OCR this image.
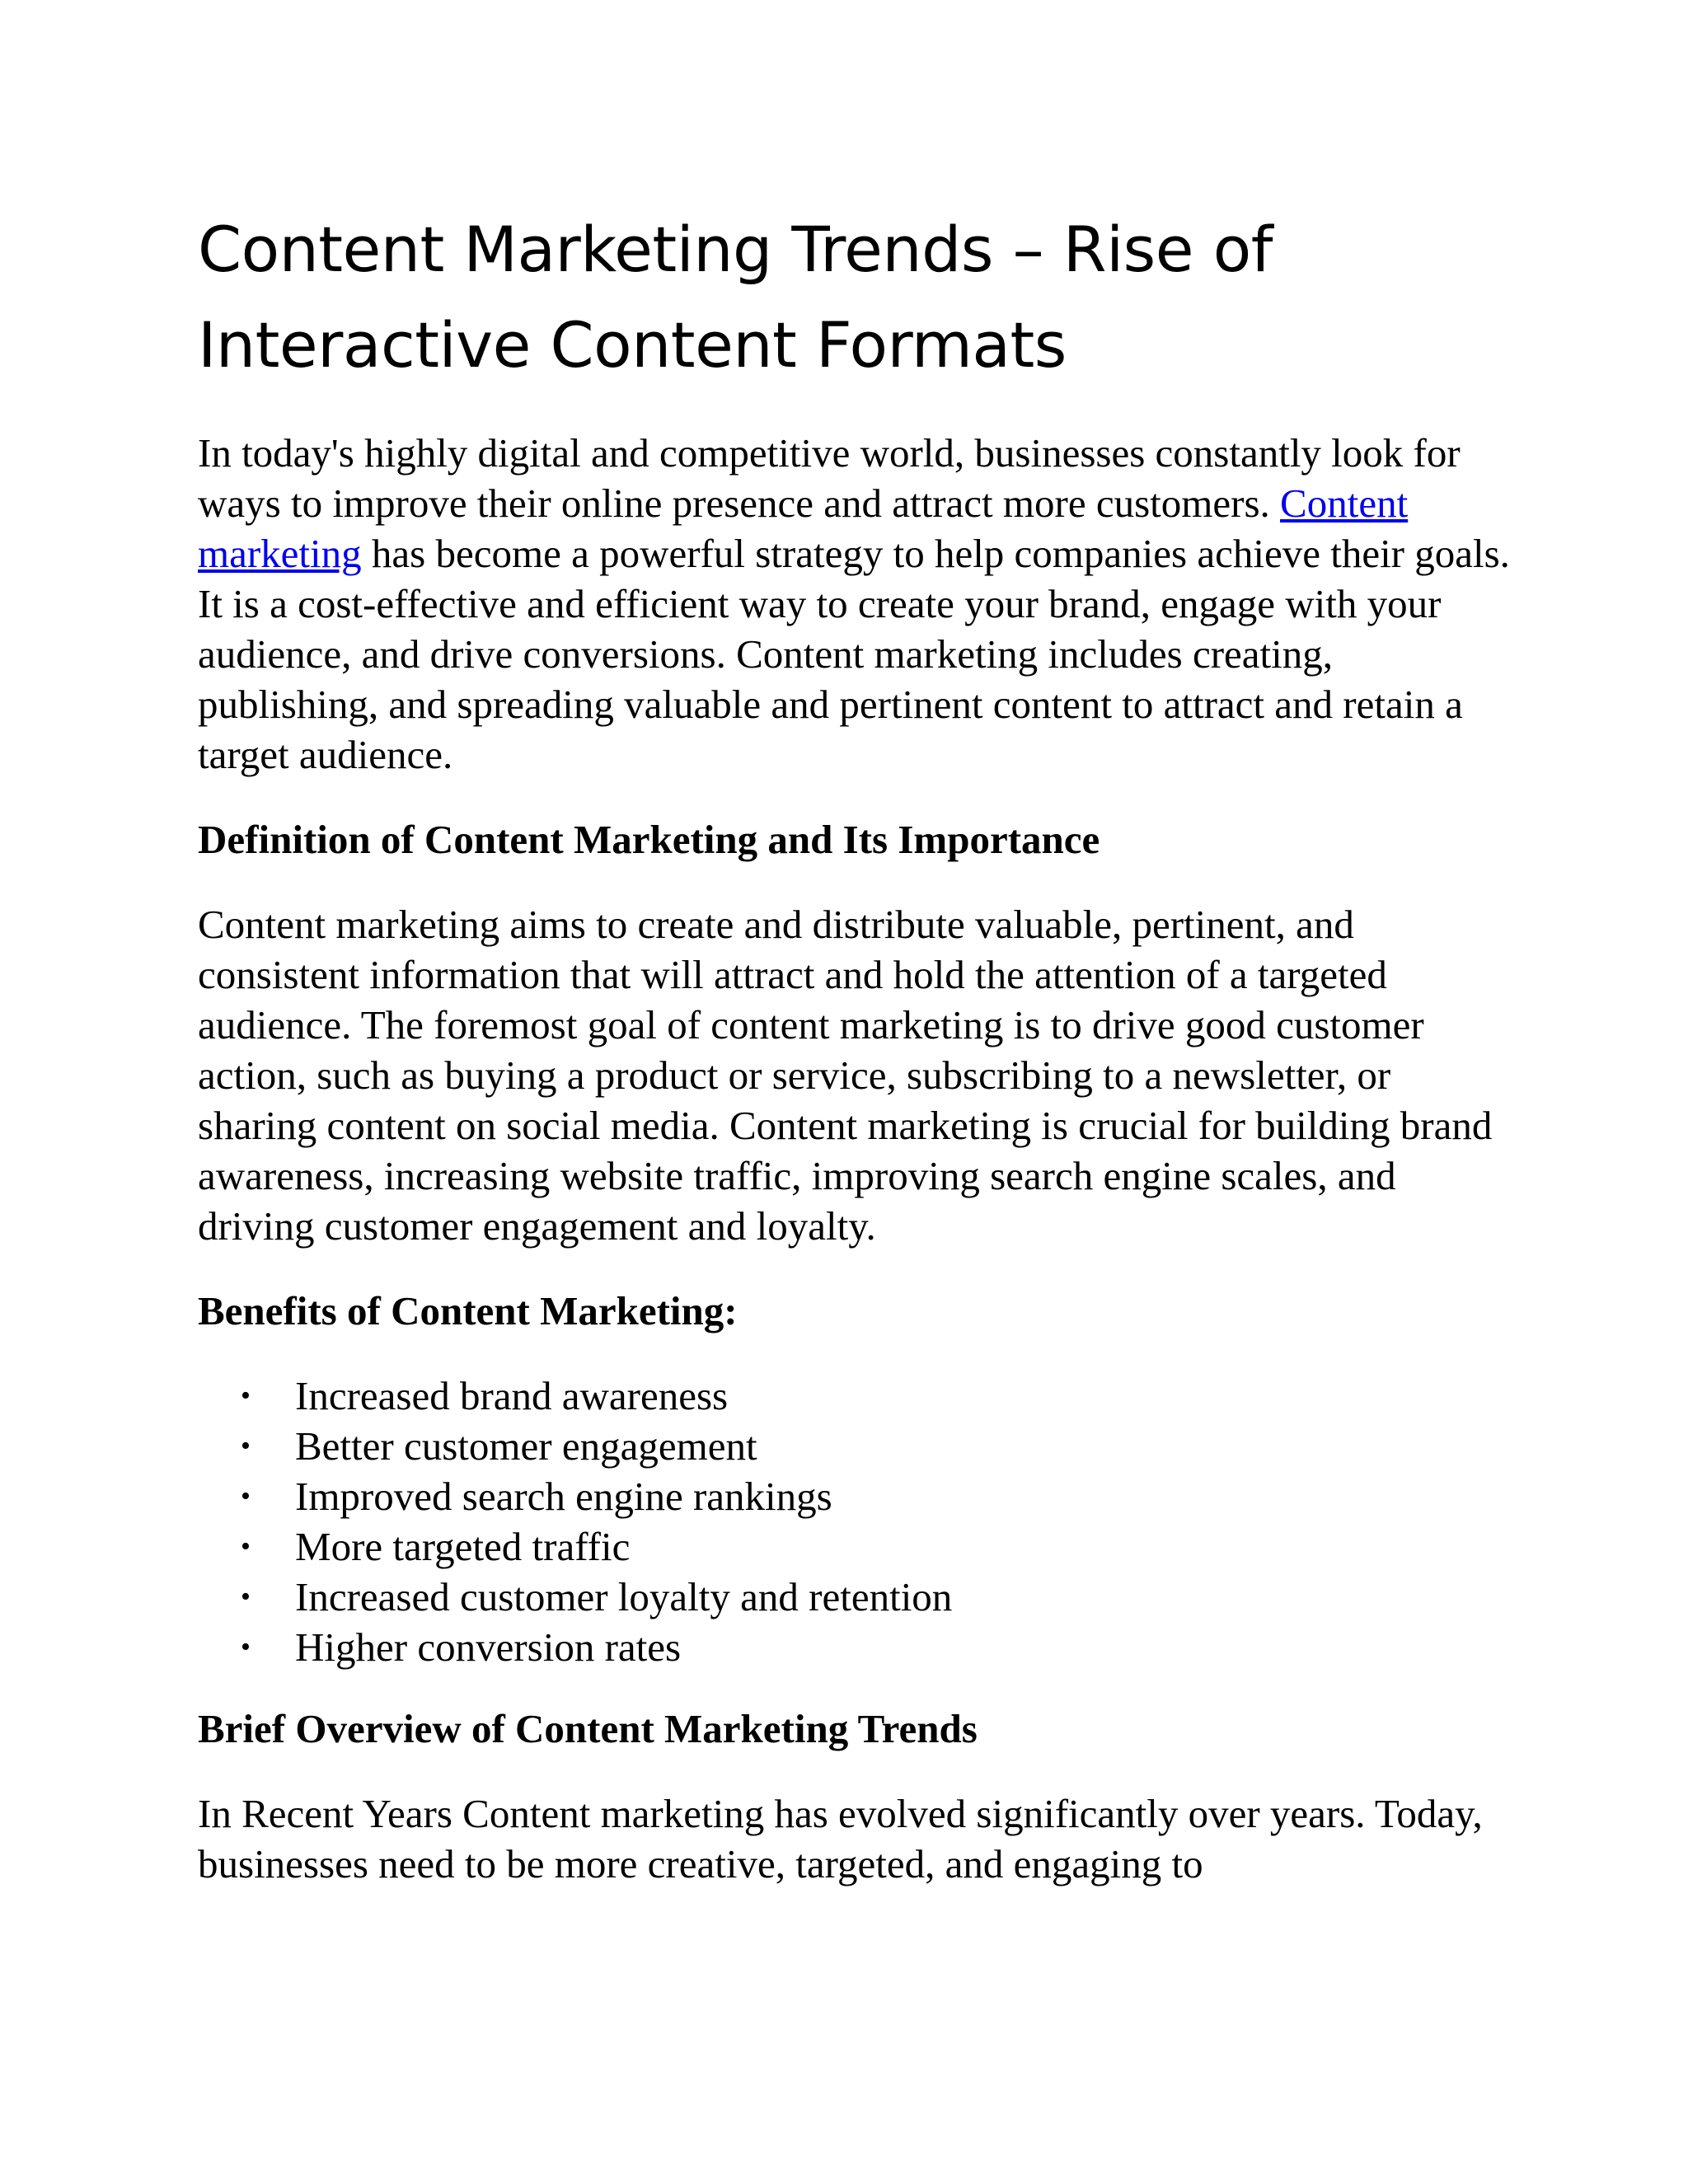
Content Marketing Trends – Rise of Interactive Content Formats

In today's highly digital and competitive world, businesses constantly look for ways to improve their online presence and attract more customers. Content marketing has become a powerful strategy to help companies achieve their goals. It is a cost-effective and efficient way to create your brand, engage with your audience, and drive conversions. Content marketing includes creating, publishing, and spreading valuable and pertinent content to attract and retain a target audience.

Definition of Content Marketing and Its Importance

Content marketing aims to create and distribute valuable, pertinent, and consistent information that will attract and hold the attention of a targeted audience. The foremost goal of content marketing is to drive good customer action, such as buying a product or service, subscribing to a newsletter, or sharing content on social media. Content marketing is crucial for building brand awareness, increasing website traffic, improving search engine scales, and driving customer engagement and loyalty.

Benefits of Content Marketing:
• Increased brand awareness
• Better customer engagement
• Improved search engine rankings
• More targeted traffic
• Increased customer loyalty and retention
• Higher conversion rates
Brief Overview of Content Marketing Trends

In Recent Years Content marketing has evolved significantly over years. Today, businesses need to be more creative, targeted, and engaging to
